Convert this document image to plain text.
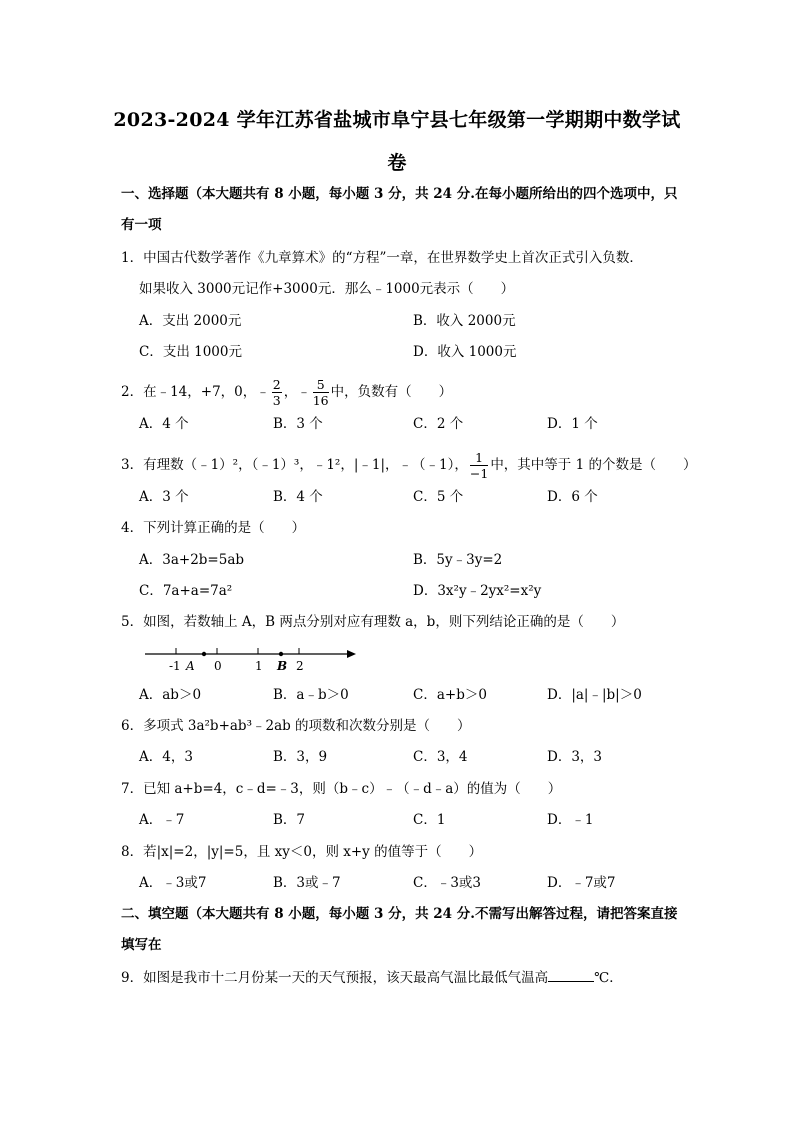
2023-2024 学年江苏省盐城市阜宁县七年级第一学期期中数学试
卷
一、选择题（本大题共有 8 小题，每小题 3 分，共 24 分.在每小题所给出的四个选项中，只
有一项
1．中国古代数学著作《九章算术》的“方程”一章，在世界数学史上首次正式引入负数．
如果收入 3000元记作+3000元．那么﹣1000元表示（　　）
A．支出 2000元	B．收入 2000元
C．支出 1000元	D．收入 1000元
2．在﹣14，+7，0，﹣ $\frac{2}{3}$ ，﹣ $\frac{5}{16}$ 中，负数有（　　）
A．4 个	B．3 个	C．2 个	D．1 个
3．有理数（﹣1）²，（﹣1）³，﹣1²，|﹣1|，﹣（﹣1）， $\frac{1}{-1}$ 中，其中等于 1 的个数是（　　）
A．3 个	B．4 个	C．5 个	D．6 个
4．下列计算正确的是（　　）
A．3a+2b=5ab	B．5y﹣3y=2
C．7a+a=7a²	D．3x²y﹣2yx²=x²y
5．如图，若数轴上 A，B 两点分别对应有理数 a，b，则下列结论正确的是（　　）
-1 A 0	1 B 2
A．ab＞0	B．a﹣b＞0	C．a+b＞0	D．|a|﹣|b|＞0
6．多项式 3a²b+ab³﹣2ab 的项数和次数分别是（　　）
A．4，3	B．3，9	C．3，4	D．3，3
7．已知 a+b=4，c﹣d=﹣3，则（b﹣c）﹣（﹣d﹣a）的值为（　　）
A．﹣7	B．7	C．1	D．﹣1
8．若|x|=2，|y|=5，且 xy＜0，则 x+y 的值等于（　　）
A．﹣3或7	B．3或﹣7	C．﹣3或3	D．﹣7或7
二、填空题（本大题共有 8 小题，每小题 3 分，共 24 分.不需写出解答过程，请把答案直接
填写在
9．如图是我市十二月份某一天的天气预报，该天最高气温比最低气温高	℃．
